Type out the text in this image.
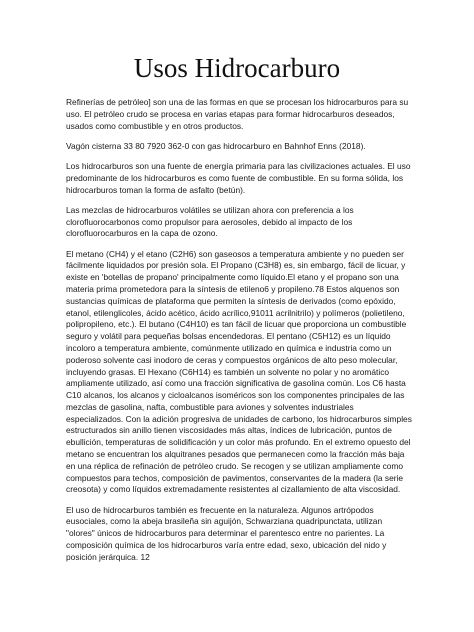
Usos Hidrocarburo

Refinerías de petróleo] son una de las formas en que se procesan los hidrocarburos para su uso. El petróleo crudo se procesa en varias etapas para formar hidrocarburos deseados, usados como combustible y en otros productos.

Vagón cisterna 33 80 7920 362-0 con gas hidrocarburo en Bahnhof Enns (2018).

Los hidrocarburos son una fuente de energía primaria para las civilizaciones actuales. El uso predominante de los hidrocarburos es como fuente de combustible. En su forma sólida, los hidrocarburos toman la forma de asfalto (betún).

Las mezclas de hidrocarburos volátiles se utilizan ahora con preferencia a los clorofluorocarbonos como propulsor para aerosoles, debido al impacto de los clorofluorocarburos en la capa de ozono.

El metano (CH4) y el etano (C2H6) son gaseosos a temperatura ambiente y no pueden ser fácilmente liquidados por presión sola. El Propano (C3H8) es, sin embargo, fácil de licuar, y existe en 'botellas de propano' principalmente como líquido.El etano y el propano son una materia prima prometedora para la síntesis de etileno6 y propileno.78 Estos alquenos son sustancias químicas de plataforma que permiten la síntesis de derivados (como epóxido, etanol, etilenglicoles, ácido acético, ácido acrílico,91011 acrilnitrilo) y polímeros (polietileno, polipropileno, etc.). El butano (C4H10) es tan fácil de licuar que proporciona un combustible seguro y volátil para pequeñas bolsas encendedoras. El pentano (C5H12) es un líquido incoloro a temperatura ambiente, comúnmente utilizado en química e industria como un poderoso solvente casi inodoro de ceras y compuestos orgánicos de alto peso molecular, incluyendo grasas. El Hexano (C6H14) es también un solvente no polar y no aromático ampliamente utilizado, así como una fracción significativa de gasolina común. Los C6 hasta C10 alcanos, los alcanos y cicloalcanos isoméricos son los componentes principales de las mezclas de gasolina, nafta, combustible para aviones y solventes industriales especializados. Con la adición progresiva de unidades de carbono, los hidrocarburos simples estructurados sin anillo tienen viscosidades más altas, índices de lubricación, puntos de ebullición, temperaturas de solidificación y un color más profundo. En el extremo opuesto del metano se encuentran los alquitranes pesados que permanecen como la fracción más baja en una réplica de refinación de petróleo crudo. Se recogen y se utilizan ampliamente como compuestos para techos, composición de pavimentos, conservantes de la madera (la serie creosota) y como líquidos extremadamente resistentes al cizallamiento de alta viscosidad.

El uso de hidrocarburos también es frecuente en la naturaleza. Algunos artrópodos eusociales, como la abeja brasileña sin aguijón, Schwarziana quadripunctata, utilizan "olores" únicos de hidrocarburos para determinar el parentesco entre no parientes. La composición química de los hidrocarburos varía entre edad, sexo, ubicación del nido y posición jerárquica. 12
